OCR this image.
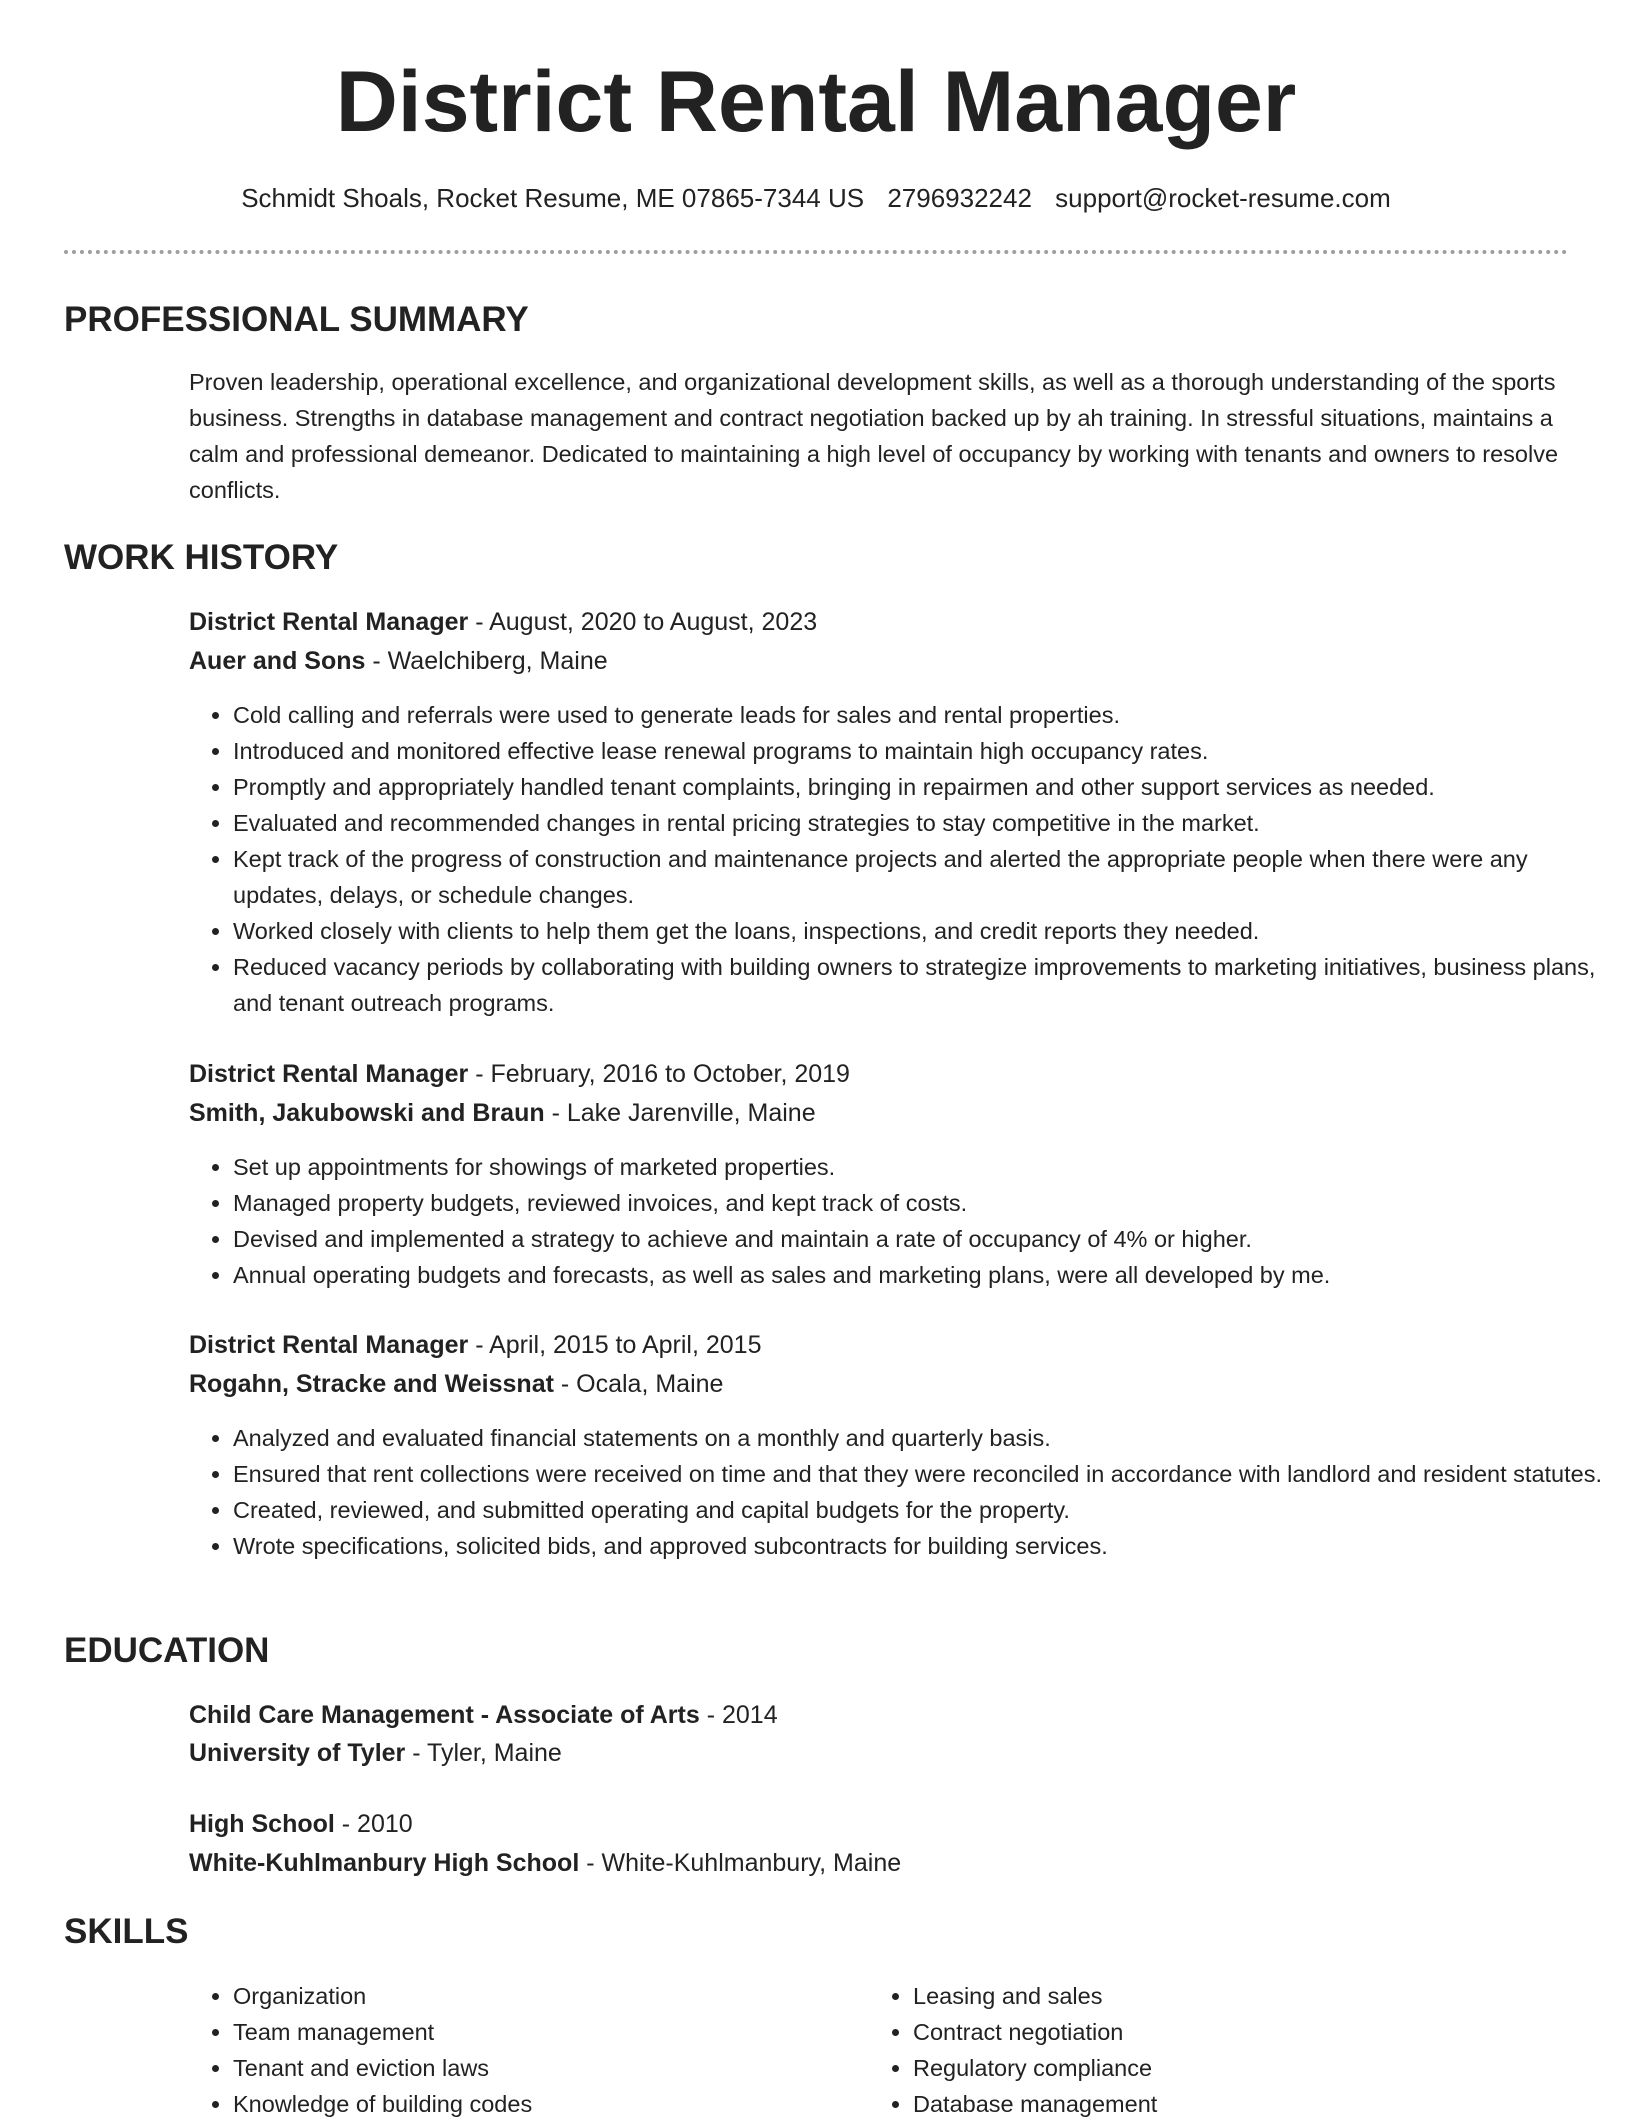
District Rental Manager
Schmidt Shoals, Rocket Resume, ME 07865-7344 US 2796932242 support@rocket-resume.com
PROFESSIONAL SUMMARY

Proven leadership, operational excellence, and organizational development skills, as well as a thorough understanding of the sports business. Strengths in database management and contract negotiation backed up by ah training. In stressful situations, maintains a calm and professional demeanor. Dedicated to maintaining a high level of occupancy by working with tenants and owners to resolve conflicts.

WORK HISTORY
District Rental Manager - August, 2020 to August, 2023
Auer and Sons - Waelchiberg, Maine
• Cold calling and referrals were used to generate leads for sales and rental properties.
• Introduced and monitored effective lease renewal programs to maintain high occupancy rates.
• Promptly and appropriately handled tenant complaints, bringing in repairmen and other support services as needed.
• Evaluated and recommended changes in rental pricing strategies to stay competitive in the market.
• Kept track of the progress of construction and maintenance projects and alerted the appropriate people when there were any updates, delays, or schedule changes.
• Worked closely with clients to help them get the loans, inspections, and credit reports they needed.
• Reduced vacancy periods by collaborating with building owners to strategize improvements to marketing initiatives, business plans, and tenant outreach programs.
District Rental Manager - February, 2016 to October, 2019
Smith, Jakubowski and Braun - Lake Jarenville, Maine
• Set up appointments for showings of marketed properties.
• Managed property budgets, reviewed invoices, and kept track of costs.
• Devised and implemented a strategy to achieve and maintain a rate of occupancy of 4% or higher.
• Annual operating budgets and forecasts, as well as sales and marketing plans, were all developed by me.
District Rental Manager - April, 2015 to April, 2015
Rogahn, Stracke and Weissnat - Ocala, Maine
• Analyzed and evaluated financial statements on a monthly and quarterly basis.
• Ensured that rent collections were received on time and that they were reconciled in accordance with landlord and resident statutes.
• Created, reviewed, and submitted operating and capital budgets for the property.
• Wrote specifications, solicited bids, and approved subcontracts for building services.
EDUCATION
Child Care Management - Associate of Arts - 2014
University of Tyler - Tyler, Maine
High School - 2010
White-Kuhlmanbury High School - White-Kuhlmanbury, Maine
SKILLS
• Organization
• Team management
• Tenant and eviction laws
• Knowledge of building codes
• Leasing and sales
• Contract negotiation
• Regulatory compliance
• Database management
